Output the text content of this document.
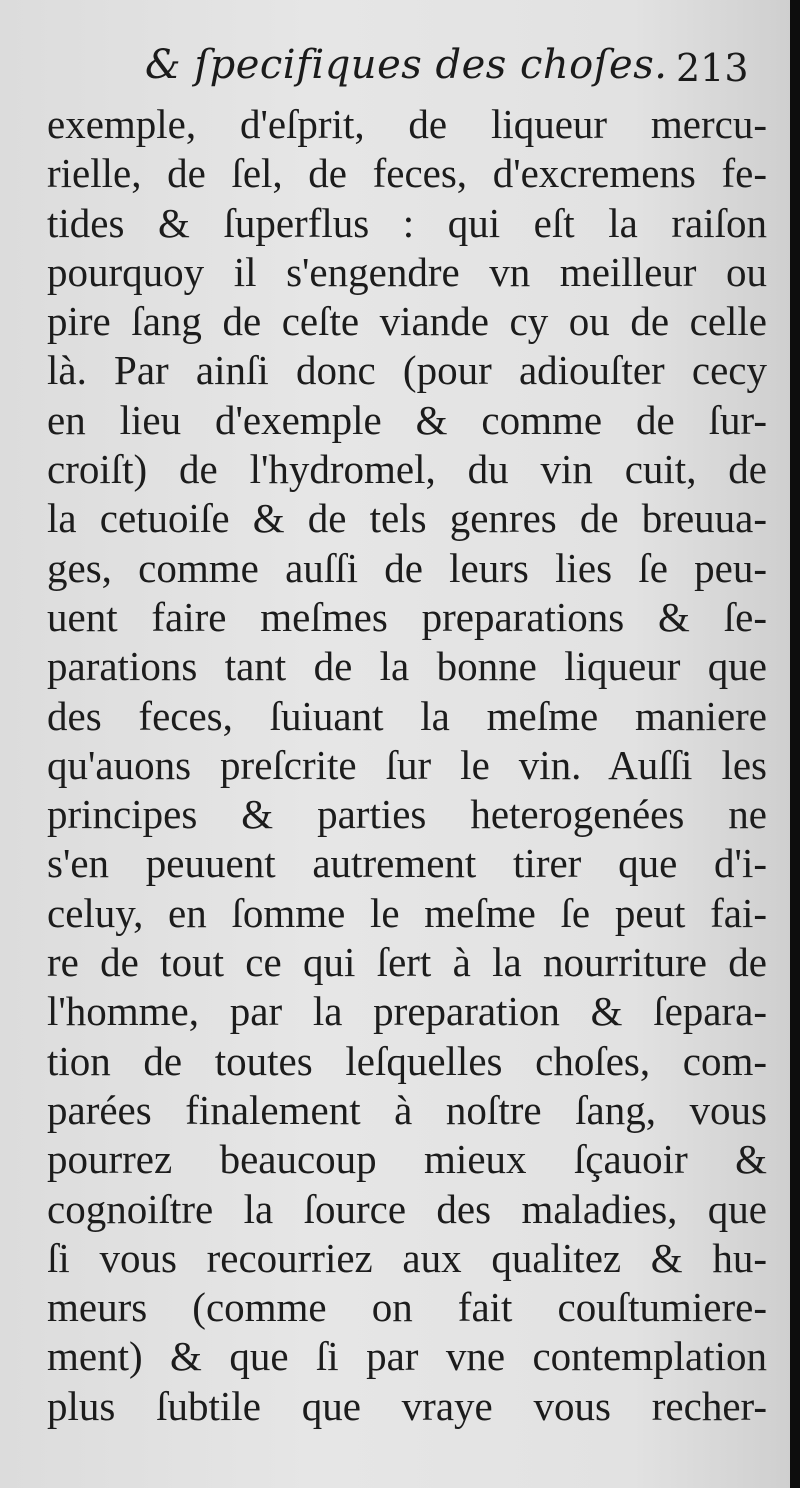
& ſpecifiques des choſes. 213
exemple, d'eſprit, de liqueur mercu-
rielle, de ſel, de feces, d'excremens fe-
tides & ſuperflus : qui eſt la raiſon
pourquoy il s'engendre vn meilleur ou
pire ſang de ceſte viande cy ou de celle
là. Par ainſi donc (pour adiouſter cecy
en lieu d'exemple & comme de ſur-
croiſt) de l'hydromel, du vin cuit, de
la cetuoiſe & de tels genres de breuua-
ges, comme auſſi de leurs lies ſe peu-
uent faire meſmes preparations & ſe-
parations tant de la bonne liqueur que
des feces, ſuiuant la meſme maniere
qu'auons preſcrite ſur le vin. Auſſi les
principes & parties heterogenées ne
s'en peuuent autrement tirer que d'i-
celuy, en ſomme le meſme ſe peut fai-
re de tout ce qui ſert à la nourriture de
l'homme, par la preparation & ſepara-
tion de toutes leſquelles choſes, com-
parées finalement à noſtre ſang, vous
pourrez beaucoup mieux ſçauoir &
cognoiſtre la ſource des maladies, que
ſi vous recourriez aux qualitez & hu-
meurs (comme on fait couſtumiere-
ment) & que ſi par vne contemplation
plus ſubtile que vraye vous recher-
